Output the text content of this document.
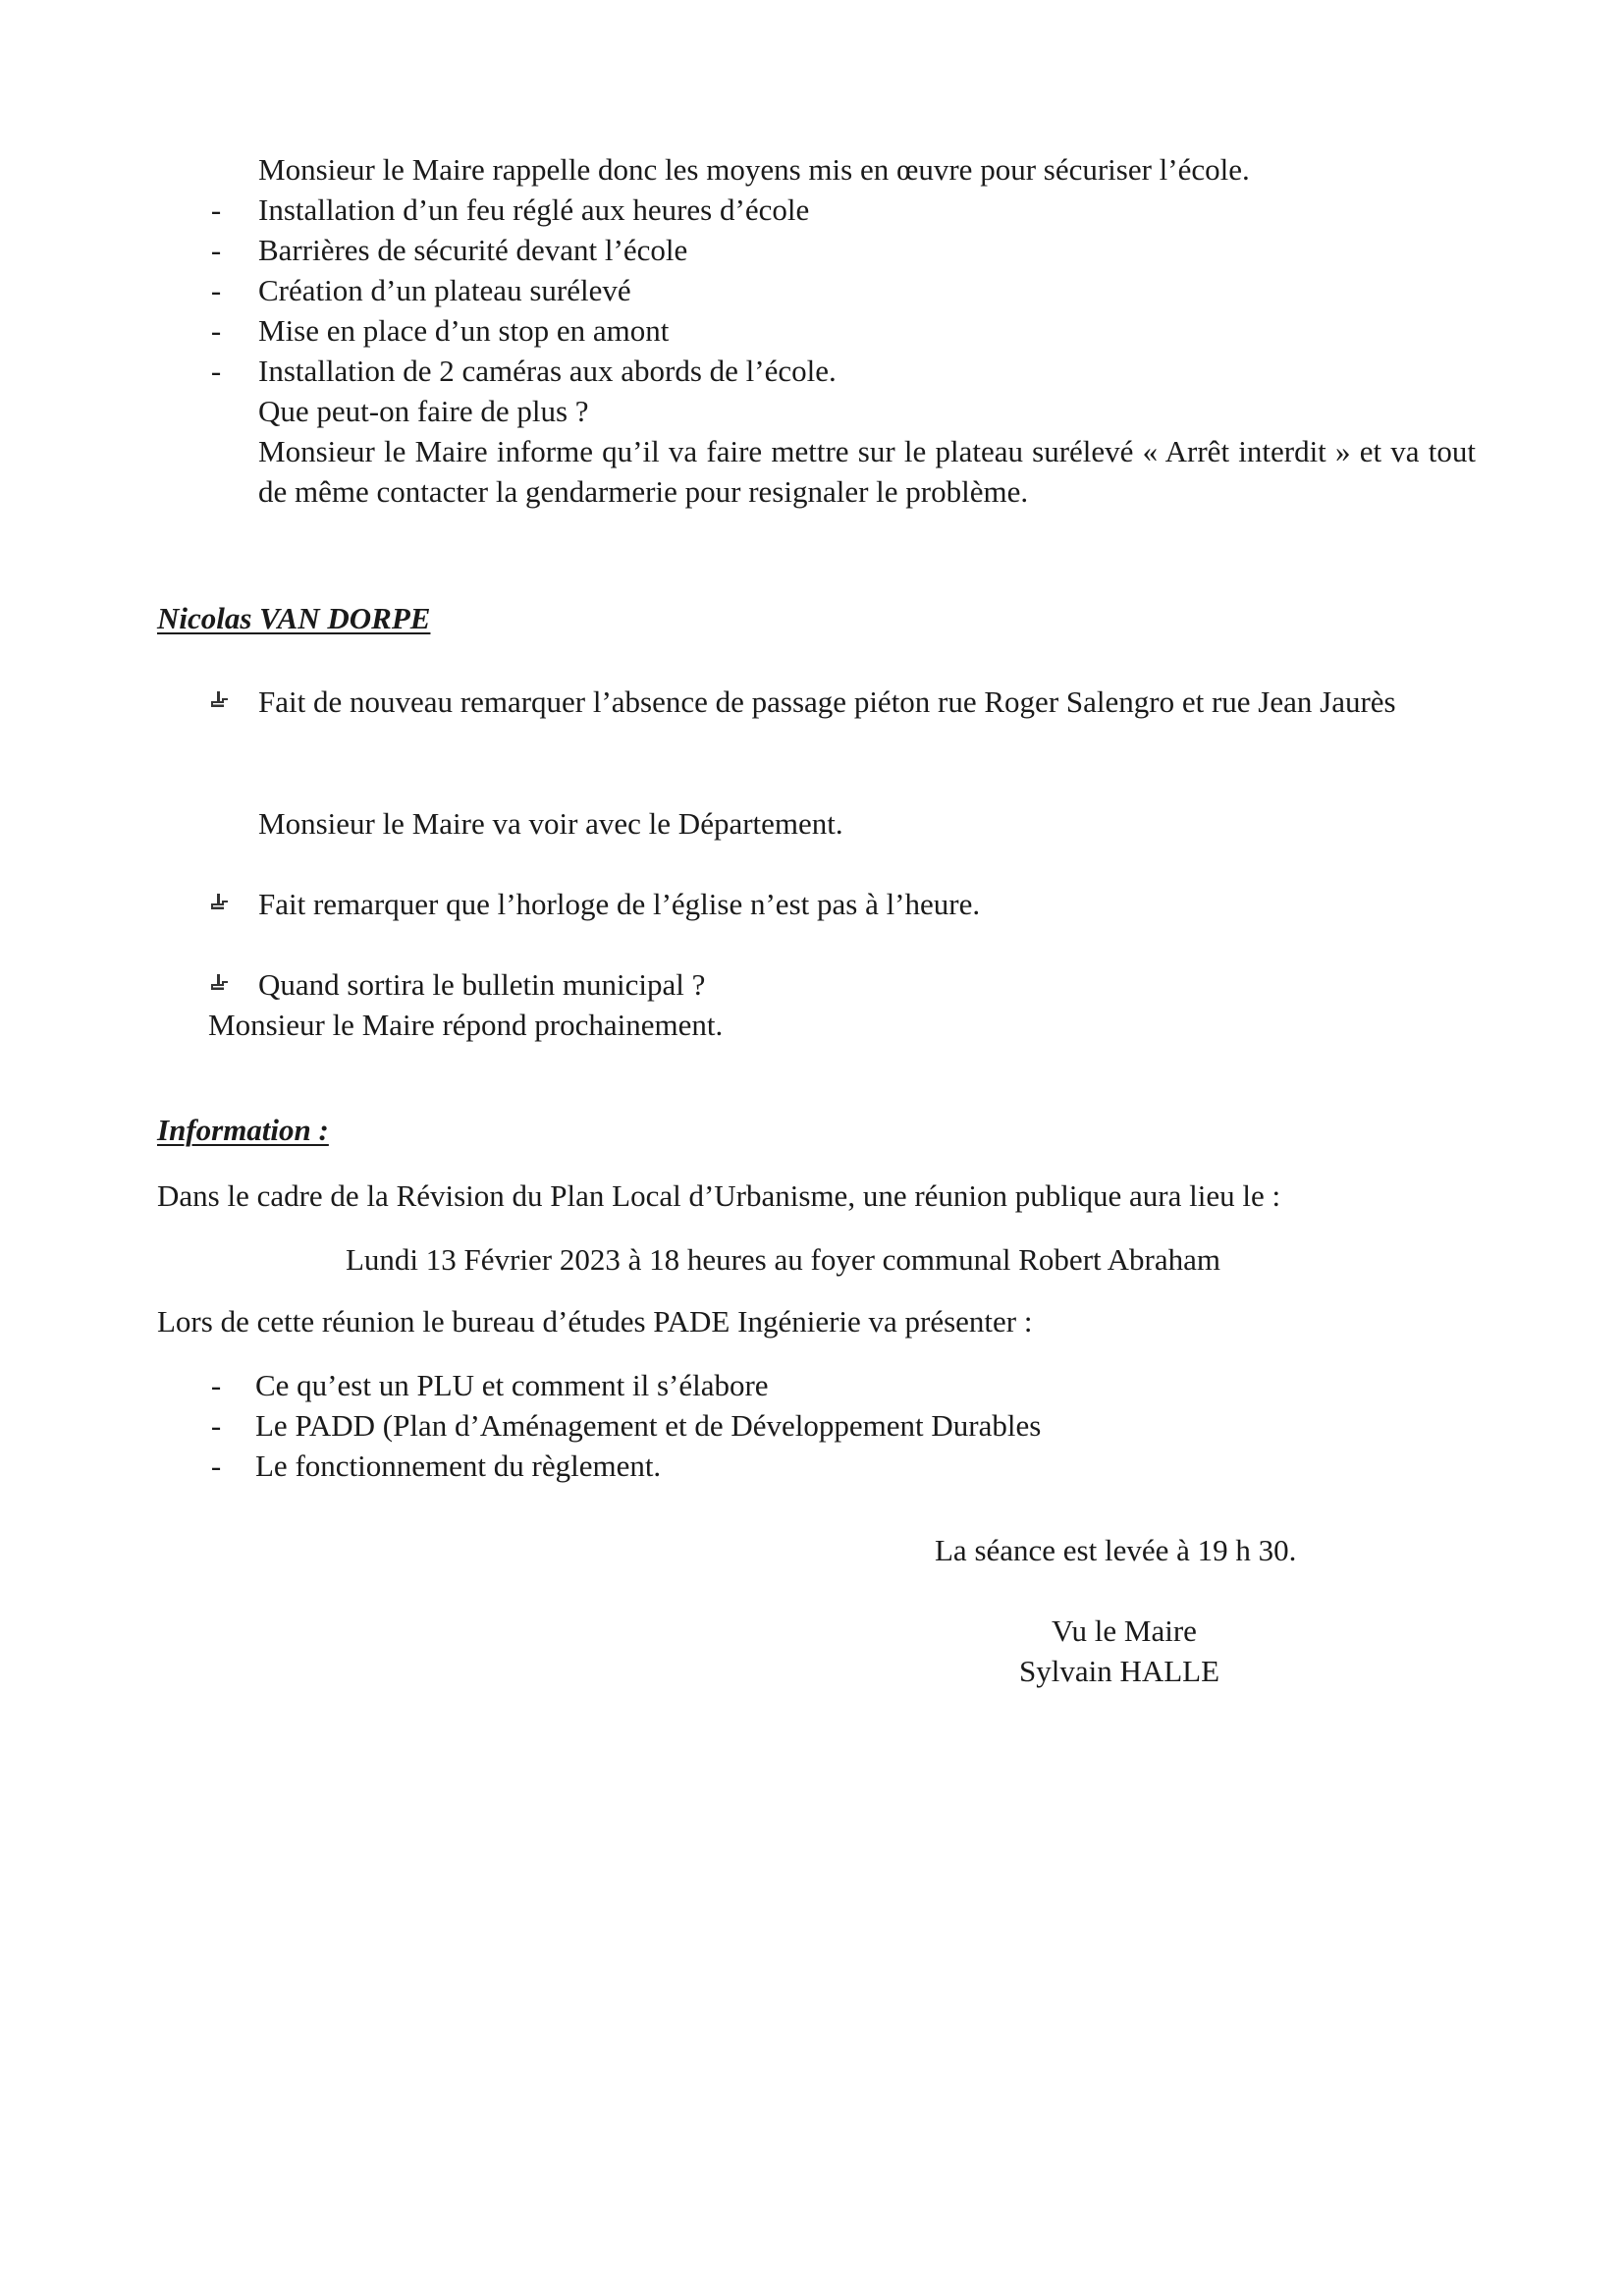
Monsieur le Maire rappelle donc les moyens mis en œuvre pour sécuriser l’école.
- Installation d’un feu réglé aux heures d’école
- Barrières de sécurité devant l’école
- Création d’un plateau surélevé
- Mise en place d’un stop en amont
- Installation de 2 caméras aux abords de l’école.
Que peut-on faire de plus ?
Monsieur le Maire informe qu’il va faire mettre sur le plateau surélevé « Arrêt interdit » et va tout de même contacter la gendarmerie pour resignaler le problème.
Nicolas VAN DORPE
Fait de nouveau remarquer l’absence de passage piéton rue Roger Salengro et rue Jean Jaurès
Monsieur le Maire va voir avec le Département.
Fait remarquer que l’horloge de l’église n’est pas à l’heure.
Quand sortira le bulletin municipal ?
Monsieur le Maire répond prochainement.
Information :
Dans le cadre de la Révision du Plan Local d’Urbanisme, une réunion publique aura lieu le :
Lundi 13 Février 2023 à 18 heures au foyer communal Robert Abraham
Lors de cette réunion le bureau d’études PADE Ingénierie va présenter :
- Ce qu’est un PLU et comment il s’élabore
- Le PADD (Plan d’Aménagement et de Développement Durables
- Le fonctionnement du règlement.
La séance est levée à 19 h 30.
Vu le Maire
Sylvain HALLE
